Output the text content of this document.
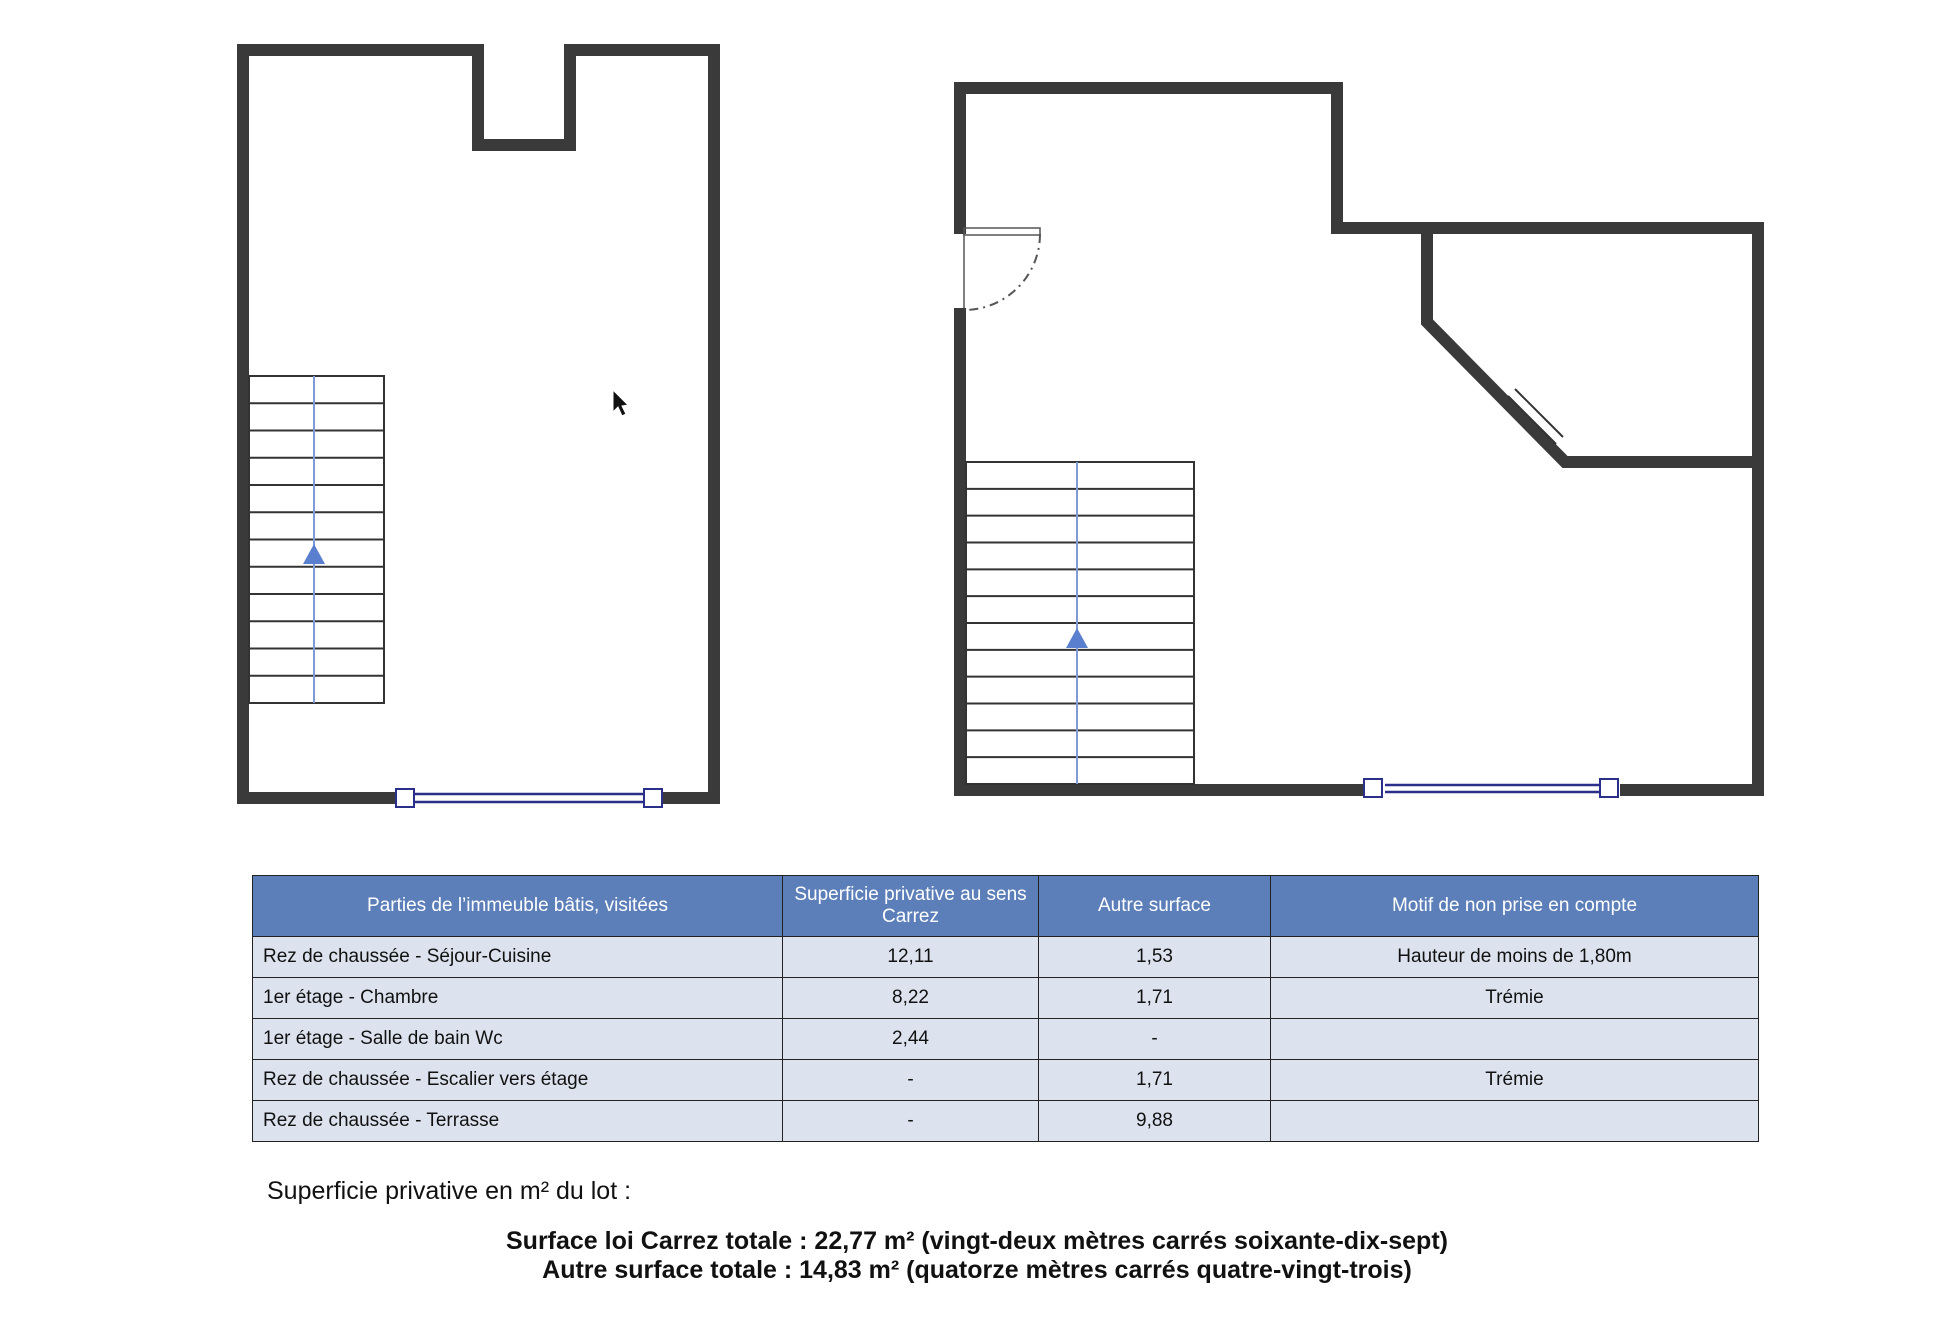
Parties de l’immeuble bâtis, visitées	Superficie privative au sens Carrez	Autre surface	Motif de non prise en compte
Rez de chaussée - Séjour-Cuisine	12,11	1,53	Hauteur de moins de 1,80m
1er étage - Chambre	8,22	1,71	Trémie
1er étage - Salle de bain Wc	2,44	-	
Rez de chaussée - Escalier vers étage	-	1,71	Trémie
Rez de chaussée - Terrasse	-	9,88	
Superficie privative en m² du lot :
Surface loi Carrez totale : 22,77 m² (vingt-deux mètres carrés soixante-dix-sept)
Autre surface totale : 14,83 m² (quatorze mètres carrés quatre-vingt-trois)
